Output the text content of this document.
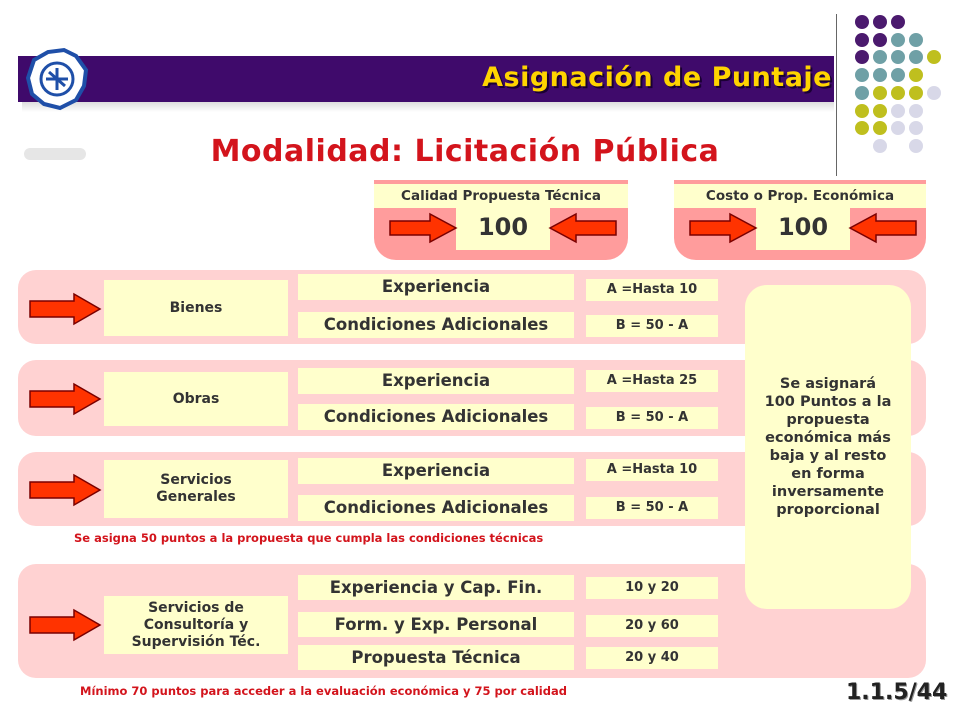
Asignación de Puntaje
Modalidad: Licitación Pública
Calidad Propuesta Técnica
100
Costo o Prop. Económica
100
Bienes
Experiencia
Condiciones Adicionales
A =Hasta 10
B = 50 - A
Obras
Experiencia
Condiciones Adicionales
A =Hasta 25
B = 50 - A
Servicios Generales
Experiencia
Condiciones Adicionales
A =Hasta 10
B = 50 - A
Se asigna 50 puntos a la propuesta que cumpla las condiciones técnicas
Servicios de Consultoría y Supervisión Téc.
Experiencia y Cap. Fin.
Form. y Exp. Personal
Propuesta Técnica
10 y 20
20 y 60
20 y 40
Se asignará 100 Puntos a la propuesta económica más baja y al resto en forma inversamente proporcional
Mínimo 70 puntos para acceder a la evaluación económica y 75 por calidad	1.1.5/44
